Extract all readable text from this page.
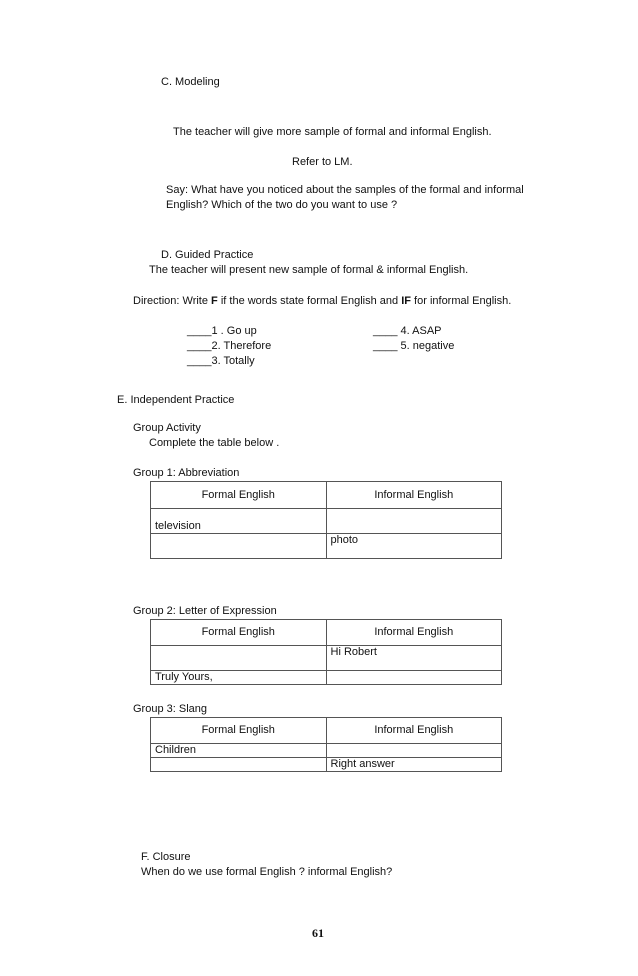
C. Modeling
The teacher will give more sample of formal and informal English.
Refer to LM.
Say: What have you noticed about the samples of the formal and informal
English? Which of the two do you want to use ?
D. Guided Practice
The teacher will present new sample of formal & informal English.
Direction: Write F if the words state formal English and IF for informal English.
____1 . Go up
____2. Therefore
____3. Totally
____ 4. ASAP
____ 5. negative
E. Independent Practice
Group Activity
Complete the table below .
Group 1: Abbreviation
Formal English	Informal English
television	
	photo
Group 2: Letter of Expression
Formal English	Informal English
	Hi Robert
Truly Yours,	
Group 3: Slang
Formal English	Informal English
Children	
	Right answer
F. Closure
When do we use formal English ? informal English?
61
